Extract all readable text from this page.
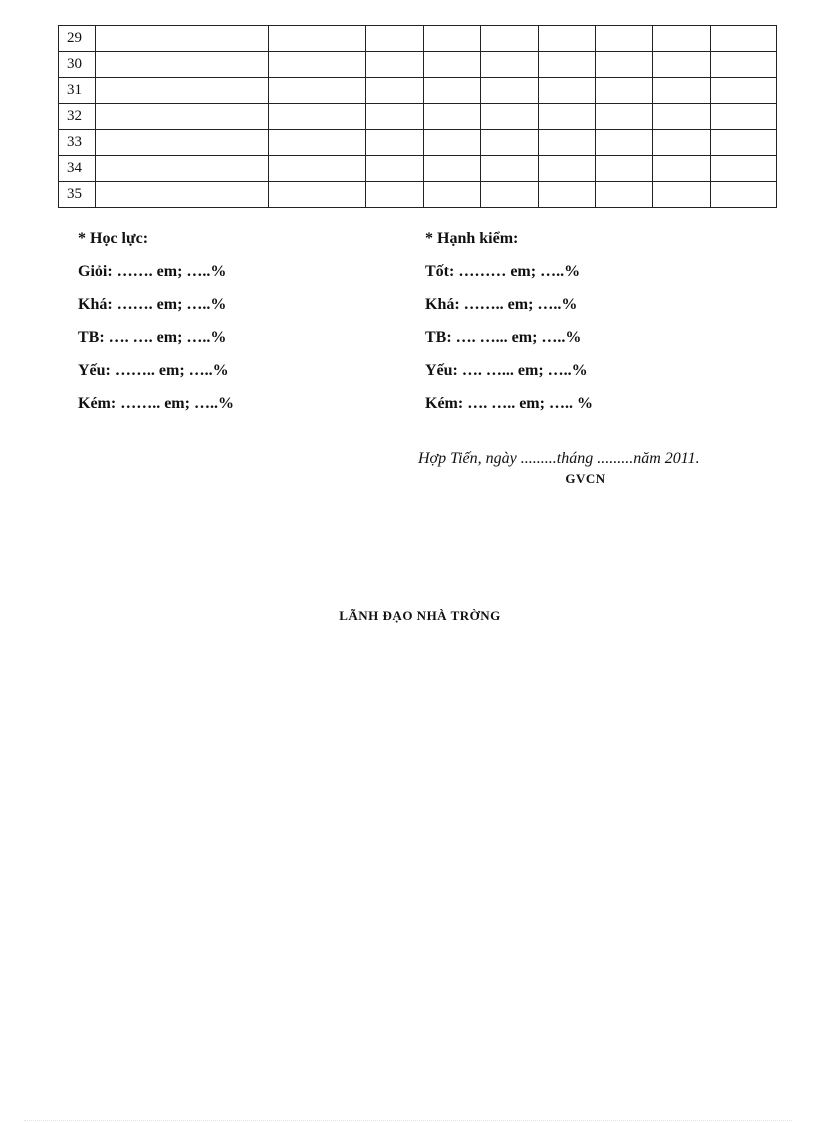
29									
30									
31									
32									
33									
34									
35									
* Học lực:
Giỏi: ……. em; …..%
Khá: ……. em; …..%
TB: …. …. em; …..%
Yếu: …….. em; …..%
Kém: …….. em; …..%
* Hạnh kiểm:
Tốt: ……… em; …..%
Khá: …….. em; …..%
TB: …. …... em; …..%
Yếu: …. …... em; …..%
Kém: …. ….. em; ….. %
Hợp Tiến, ngày .........tháng .........năm 2011.
GVCN
LÃNH ĐẠO NHÀ TRỜNG
